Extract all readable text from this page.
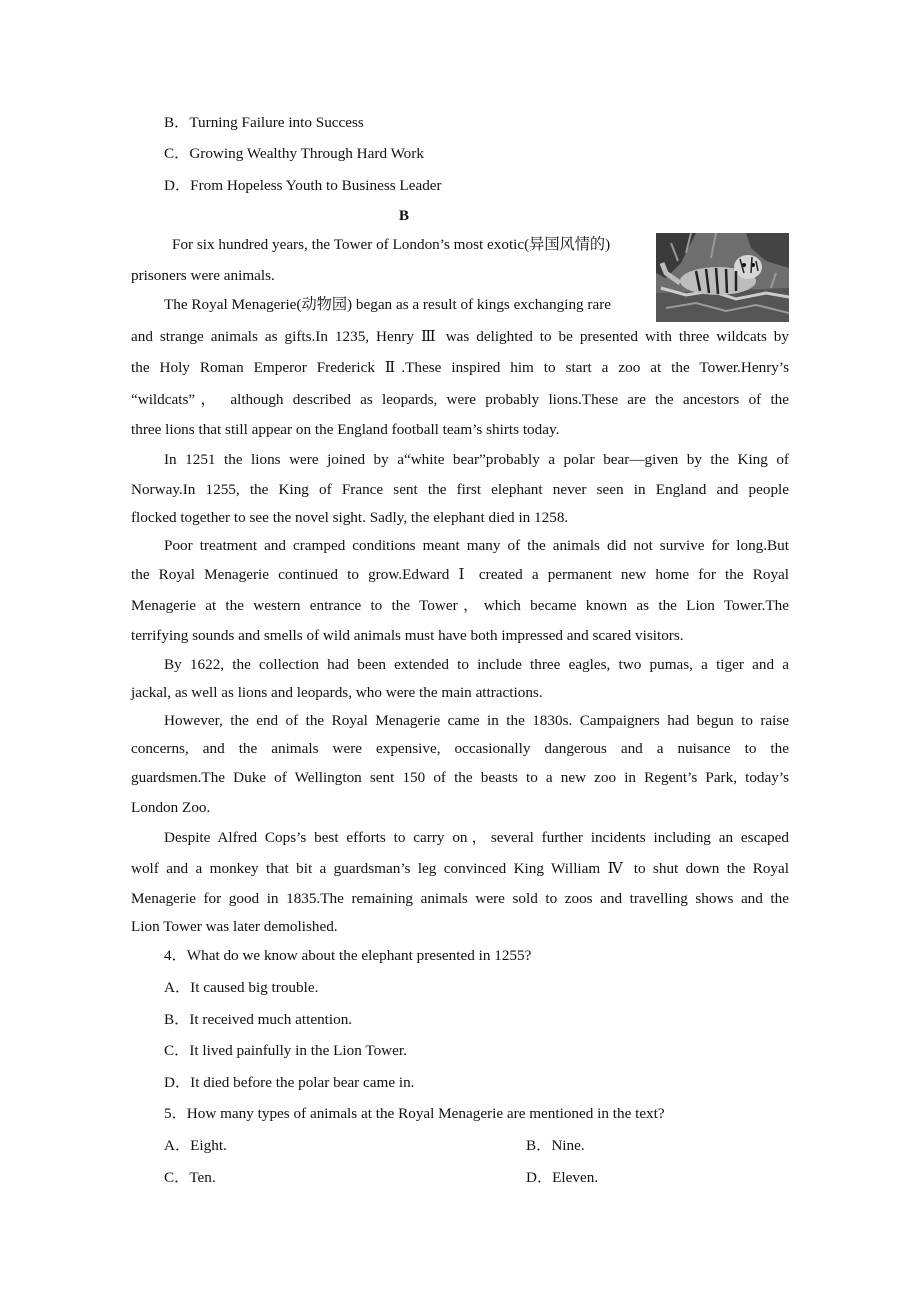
B．Turning Failure into Success
C．Growing Wealthy Through Hard Work
D．From Hopeless Youth to Business Leader
B
For six hundred years, the Tower of London’s most exotic(异国风情的)
prisoners were animals.
The Royal Menagerie(动物园) began as a result of kings exchanging rare
and strange animals as gifts.In 1235, Henry Ⅲ was delighted to be presented with three wildcats by
the Holy Roman Emperor Frederick Ⅱ.These inspired him to start a zoo at the Tower.Henry’s
“wildcats”， although described as leopards, were probably lions.These are the ancestors of the
three lions that still appear on the England football team’s shirts today.
In 1251 the lions were joined by a“white bear”probably a polar bear—given by the King of
Norway.In 1255, the King of France sent the first elephant never seen in England and people
flocked together to see the novel sight. Sadly, the elephant died in 1258.
Poor treatment and cramped conditions meant many of the animals did not survive for long.But
the Royal Menagerie continued to grow.Edward Ⅰ created a permanent new home for the Royal
Menagerie at the western entrance to the Tower，which became known as the Lion Tower.The
terrifying sounds and smells of wild animals must have both impressed and scared visitors.
By 1622, the collection had been extended to include three eagles, two pumas, a tiger and a
jackal, as well as lions and leopards, who were the main attractions.
However, the end of the Royal Menagerie came in the 1830s. Campaigners had begun to raise
concerns, and the animals were expensive, occasionally dangerous and a nuisance to the
guardsmen.The Duke of Wellington sent 150 of the beasts to a new zoo in Regent’s Park, today’s
London Zoo.
Despite Alfred Cops’s best efforts to carry on，several further incidents including an escaped
wolf and a monkey that bit a guardsman’s leg convinced King William Ⅳ to shut down the Royal
Menagerie for good in 1835.The remaining animals were sold to zoos and travelling shows and the
Lion Tower was later demolished.
4．What do we know about the elephant presented in 1255?
A．It caused big trouble.
B．It received much attention.
C．It lived painfully in the Lion Tower.
D．It died before the polar bear came in.
5．How many types of animals at the Royal Menagerie are mentioned in the text?
A．Eight.	B．Nine.
C．Ten.	D．Eleven.
